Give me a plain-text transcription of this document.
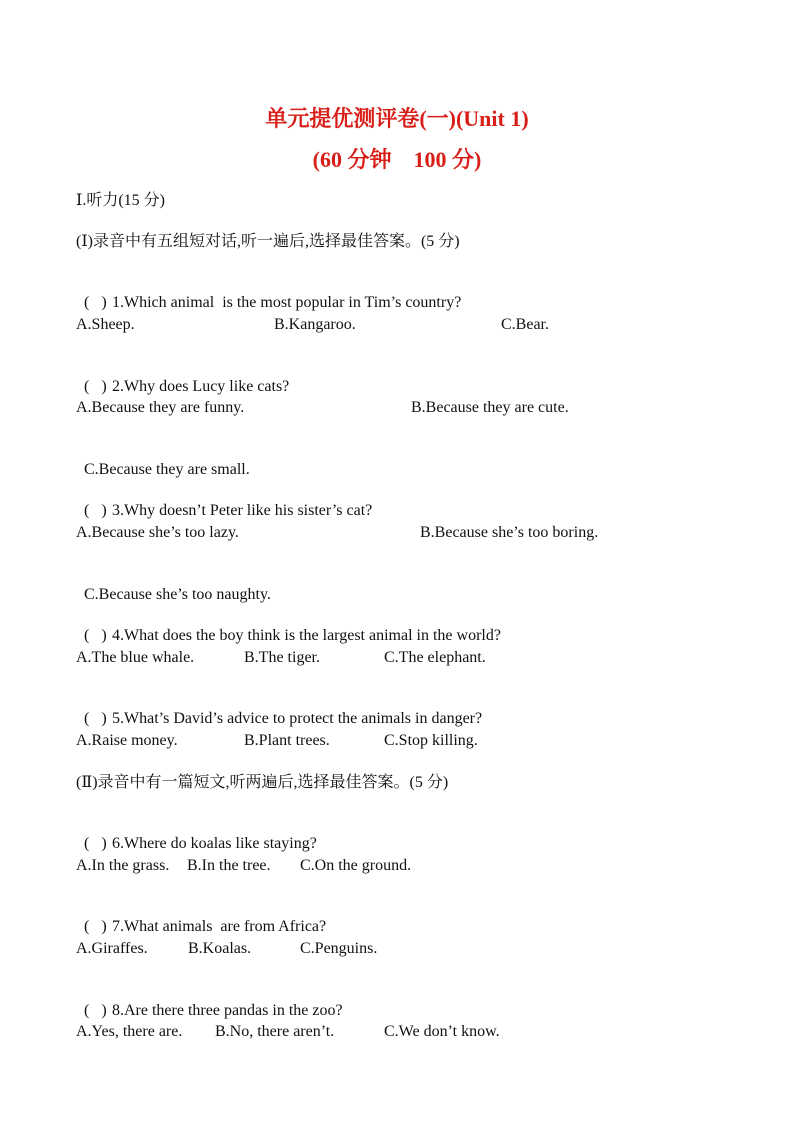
单元提优测评卷(一)(Unit 1)
(60 分钟    100 分)
Ⅰ.听力(15 分)
(Ⅰ)录音中有五组短对话,听一遍后,选择最佳答案。(5 分)

(   ) 1.Which animal  is the most popular in Tim’s country?

A.Sheep.

	B.Kangaroo.

	C.Bear.

(   ) 2.Why does Lucy like cats?

A.Because they are funny.

	B.Because they are cute.

C.Because they are small.

(   ) 3.Why doesn’t Peter like his sister’s cat?

A.Because she’s too lazy.

	B.Because she’s too boring.

C.Because she’s too naughty.

(   ) 4.What does the boy think is the largest animal in the world?

A.The blue whale.

	B.The tiger.

	C.The elephant.

(   ) 5.What’s David’s advice to protect the animals in danger?

A.Raise money.

	B.Plant trees.

	C.Stop killing.

(Ⅱ)录音中有一篇短文,听两遍后,选择最佳答案。(5 分)

(   ) 6.Where do koalas like staying?

A.In the grass.

B.In the tree.

C.On the ground.

(   ) 7.What animals  are from Africa?

A.Giraffes.

	B.Koalas.

	C.Penguins.

(   ) 8.Are there three pandas in the zoo?

A.Yes, there are.

B.No, there aren’t.

	C.We don’t know.
